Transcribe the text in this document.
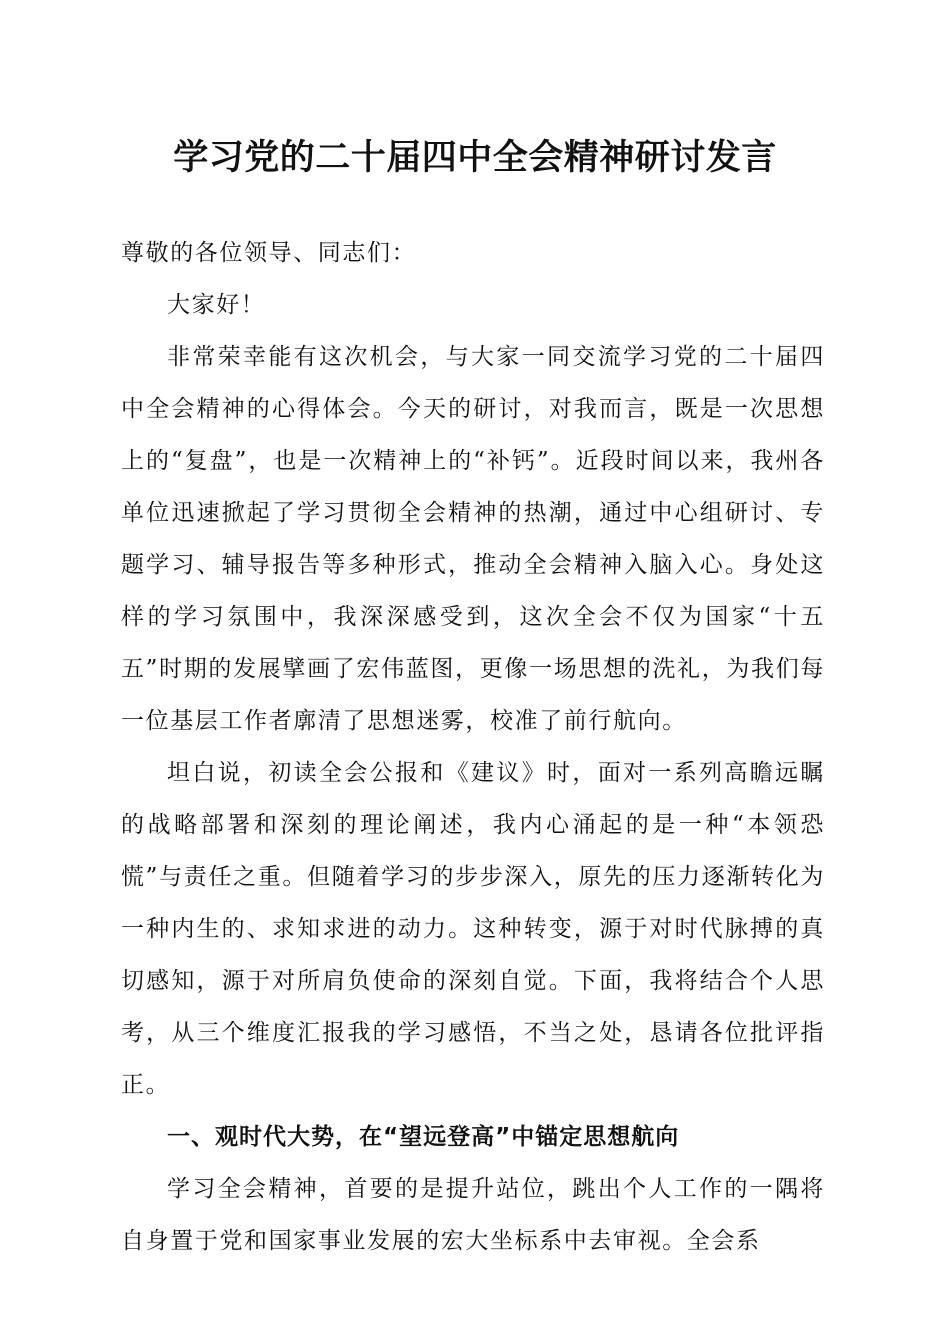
学习党的二十届四中全会精神研讨发言

尊敬的各位领导、同志们：

大家好！

非常荣幸能有这次机会，与大家一同交流学习党的二十届四中全会精神的心得体会。今天的研讨，对我而言，既是一次思想上的“复盘”，也是一次精神上的“补钙”。近段时间以来，我州各单位迅速掀起了学习贯彻全会精神的热潮，通过中心组研讨、专题学习、辅导报告等多种形式，推动全会精神入脑入心。身处这样的学习氛围中，我深深感受到，这次全会不仅为国家“十五五”时期的发展擘画了宏伟蓝图，更像一场思想的洗礼，为我们每一位基层工作者廓清了思想迷雾，校准了前行航向。

坦白说，初读全会公报和《建议》时，面对一系列高瞻远瞩的战略部署和深刻的理论阐述，我内心涌起的是一种“本领恐慌”与责任之重。但随着学习的步步深入，原先的压力逐渐转化为一种内生的、求知求进的动力。这种转变，源于对时代脉搏的真切感知，源于对所肩负使命的深刻自觉。下面，我将结合个人思考，从三个维度汇报我的学习感悟，不当之处，恳请各位批评指正。

一、观时代大势，在“望远登高”中锚定思想航向

学习全会精神，首要的是提升站位，跳出个人工作的一隅将自身置于党和国家事业发展的宏大坐标系中去审视。全会系
